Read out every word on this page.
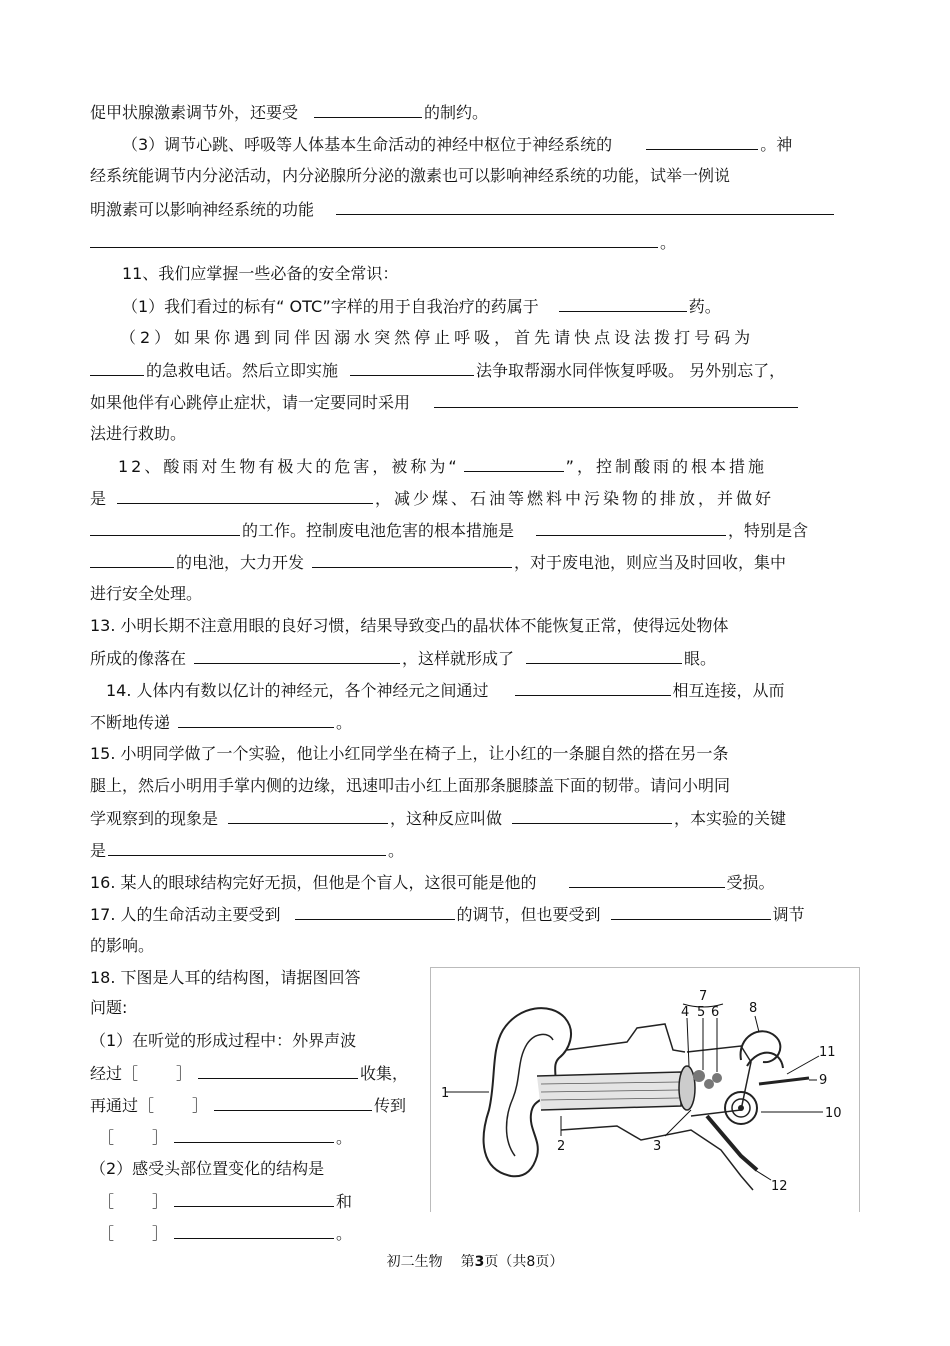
促甲状腺激素调节外，还要受	的制约。
（3）调节心跳、呼吸等人体基本生命活动的神经中枢位于神经系统的	。神
经系统能调节内分泌活动，内分泌腺所分泌的激素也可以影响神经系统的功能，试举一例说
明激素可以影响神经系统的功能
。
11、我们应掌握一些必备的安全常识：
（1）我们看过的标有“ OTC”字样的用于自我治疗的药属于	药。
（2）如果你遇到同伴因溺水突然停止呼吸，首先请快点设法拨打号码为
的急救电话。然后立即实施	法争取帮溺水同伴恢复呼吸。 另外别忘了，
如果他伴有心跳停止症状，请一定要同时采用
法进行救助。
12、酸雨对生物有极大的危害，被称为“	”，控制酸雨的根本措施
是	，减少煤、石油等燃料中污染物的排放，并做好
的工作。控制废电池危害的根本措施是	，特别是含
的电池，大力开发	，对于废电池，则应当及时回收，集中
进行安全处理。
13. 小明长期不注意用眼的良好习惯，结果导致变凸的晶状体不能恢复正常，使得远处物体
所成的像落在	，这样就形成了	眼。
14. 人体内有数以亿计的神经元，各个神经元之间通过	相互连接，从而
不断地传递	。
15. 小明同学做了一个实验，他让小红同学坐在椅子上，让小红的一条腿自然的搭在另一条
腿上，然后小明用手掌内侧的边缘，迅速叩击小红上面那条腿膝盖下面的韧带。请问小明同
学观察到的现象是	，这种反应叫做	，本实验的关键
是	。
16. 某人的眼球结构完好无损，但他是个盲人，这很可能是他的	受损。
17. 人的生命活动主要受到	的调节，但也要受到	调节
的影响。
18. 下图是人耳的结构图，请据图回答
问题:
（1）在听觉的形成过程中：外界声波
经过［ ］	收集，
再通过［ ］	传到
［ ］	。
（2）感受头部位置变化的结构是
［ ］	和
［ ］	。
1
2	3
4 5 6
7
8
9
10
11
12
初二生物 第3页（共8页）
